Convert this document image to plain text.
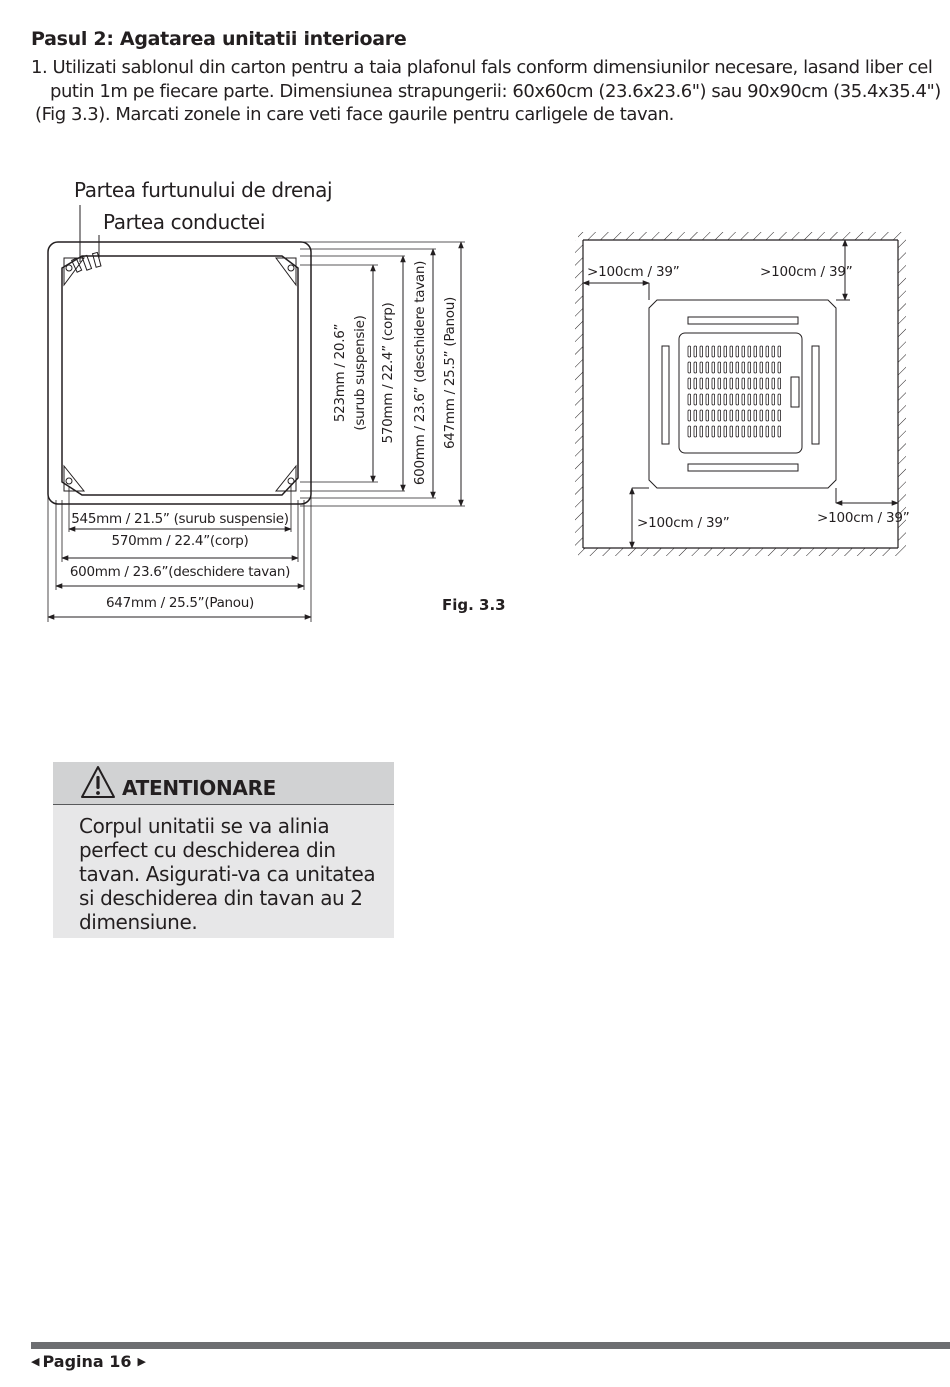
Pasul 2: Agatarea unitatii interioare
1. Utilizati sablonul din carton pentru a taia plafonul fals conform dimensiunilor necesare, lasand liber cel
putin 1m pe fiecare parte. Dimensiunea strapungerii: 60x60cm (23.6x23.6") sau 90x90cm (35.4x35.4")
(Fig 3.3). Marcati zonele in care veti face gaurile pentru carligele de tavan.
Partea furtunului de drenaj
Partea conductei
545mm / 21.5” (surub suspensie)
570mm / 22.4”(corp)
600mm / 23.6”(deschidere tavan)
647mm / 25.5”(Panou)
523mm / 20.6” (surub suspensie) 570mm / 22.4” (corp) 600mm / 23.6” (deschidere tavan) 647mm / 25.5” (Panou)
Fig. 3.3
>100cm / 39”	>100cm / 39”
>100cm / 39”	>100cm / 39”
ATENTIONARE
Corpul unitatii se va alinia perfect cu deschiderea din tavan. Asigurati-va ca unitatea si deschiderea din tavan au 2 dimensiune.
◀ Pagina 16 ▶
